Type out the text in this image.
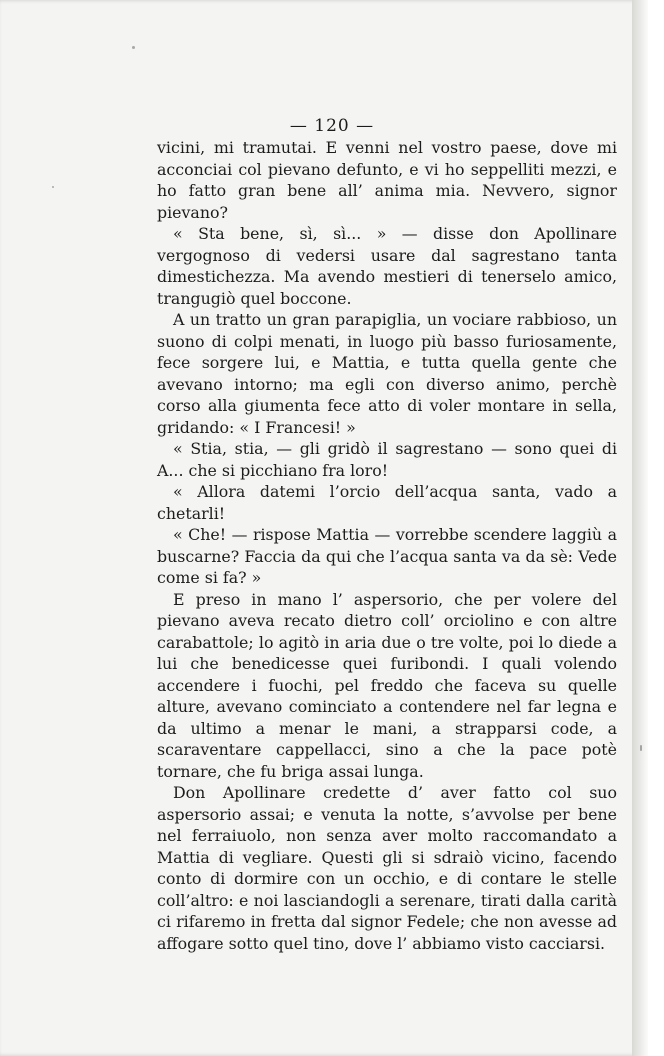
— 120 —

vicini, mi tramutai. E venni nel vostro paese, dove mi acconciai col pievano defunto, e vi ho seppelliti mezzi, e ho fatto gran bene all’ anima mia. Nevvero, signor pievano?

« Sta bene, sì, sì... » — disse don Apollinare vergognoso di vedersi usare dal sagrestano tanta dimestichezza. Ma avendo mestieri di tenerselo amico, trangugiò quel boccone.

A un tratto un gran parapiglia, un vociare rabbioso, un suono di colpi menati, in luogo più basso furiosamente, fece sorgere lui, e Mattia, e tutta quella gente che avevano intorno; ma egli con diverso animo, perchè corso alla giumenta fece atto di voler montare in sella, gridando: « I Francesi! »

« Stia, stia, — gli gridò il sagrestano — sono quei di A... che si picchiano fra loro!

« Allora datemi l’orcio dell’acqua santa, vado a chetarli!

« Che! — rispose Mattia — vorrebbe scendere laggiù a buscarne? Faccia da qui che l’acqua santa va da sè: Vede come si fa? »

E preso in mano l’ aspersorio, che per volere del pievano aveva recato dietro coll’ orciolino e con altre carabattole; lo agitò in aria due o tre volte, poi lo diede a lui che benedicesse quei furibondi. I quali volendo accendere i fuochi, pel freddo che faceva su quelle alture, avevano cominciato a contendere nel far legna e da ultimo a menar le mani, a strapparsi code, a scaraventare cappellacci, sino a che la pace potè tornare, che fu briga assai lunga.

Don Apollinare credette d’ aver fatto col suo aspersorio assai; e venuta la notte, s’avvolse per bene nel ferraiuolo, non senza aver molto raccomandato a Mattia di vegliare. Questi gli si sdraiò vicino, facendo conto di dormire con un occhio, e di contare le stelle coll’altro: e noi lasciandogli a serenare, tirati dalla carità ci rifaremo in fretta dal signor Fedele; che non avesse ad affogare sotto quel tino, dove l’ abbiamo visto cacciarsi.
